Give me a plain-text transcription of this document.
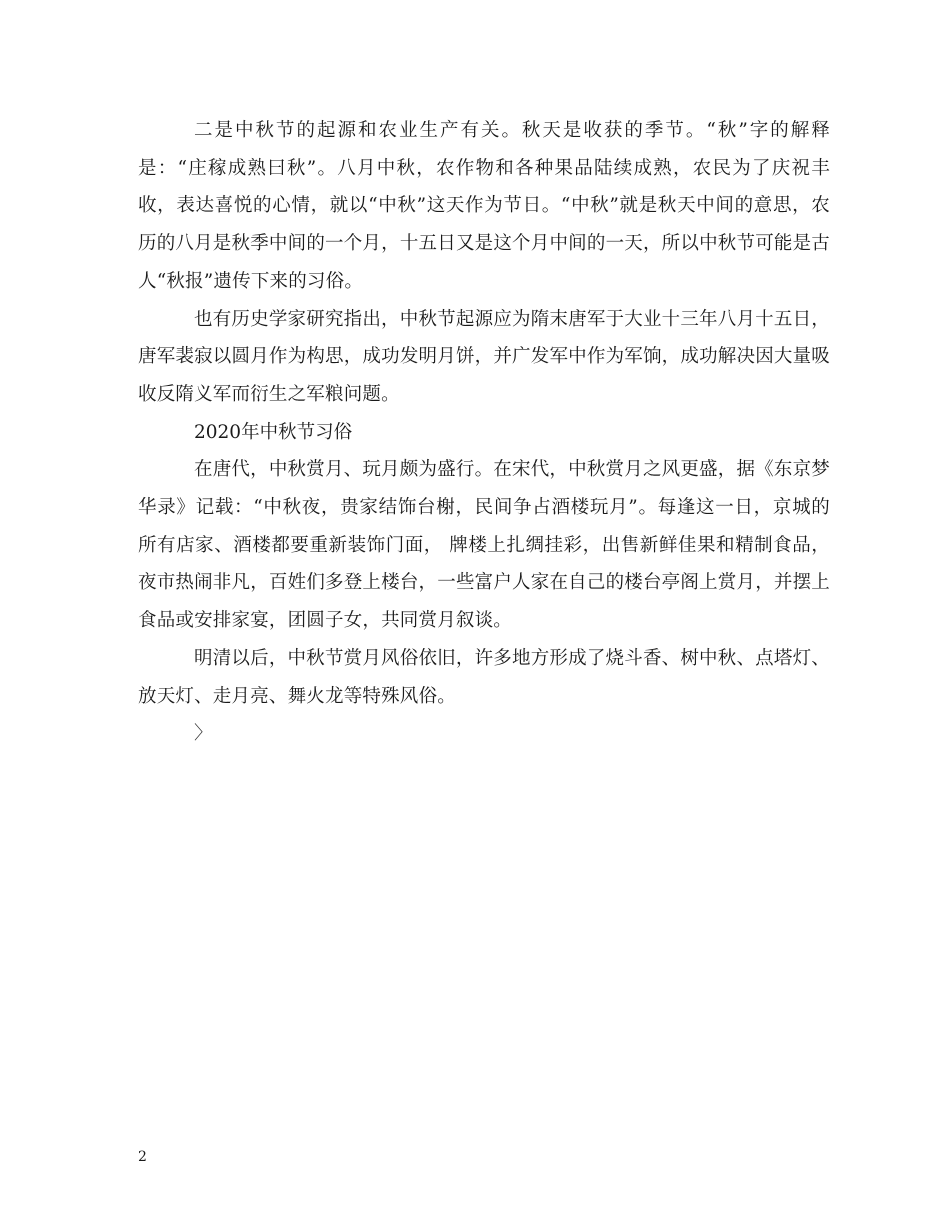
二是中秋节的起源和农业生产有关。秋天是收获的季节。“秋”字的解释是：“庄稼成熟曰秋”。八月中秋，农作物和各种果品陆续成熟，农民为了庆祝丰收，表达喜悦的心情，就以“中秋”这天作为节日。“中秋”就是秋天中间的意思，农历的八月是秋季中间的一个月，十五日又是这个月中间的一天，所以中秋节可能是古人“秋报”遗传下来的习俗。

也有历史学家研究指出，中秋节起源应为隋末唐军于大业十三年八月十五日，唐军裴寂以圆月作为构思，成功发明月饼，并广发军中作为军饷，成功解决因大量吸收反隋义军而衍生之军粮问题。

2020年中秋节习俗

在唐代，中秋赏月、玩月颇为盛行。在宋代，中秋赏月之风更盛，据《东京梦华录》记载：“中秋夜，贵家结饰台榭，民间争占酒楼玩月”。每逢这一日，京城的所有店家、酒楼都要重新装饰门面， 牌楼上扎绸挂彩，出售新鲜佳果和精制食品，夜市热闹非凡，百姓们多登上楼台，一些富户人家在自己的楼台亭阁上赏月，并摆上食品或安排家宴，团圆子女，共同赏月叙谈。

明清以后，中秋节赏月风俗依旧，许多地方形成了烧斗香、树中秋、点塔灯、放天灯、走月亮、舞火龙等特殊风俗。

〉

2
